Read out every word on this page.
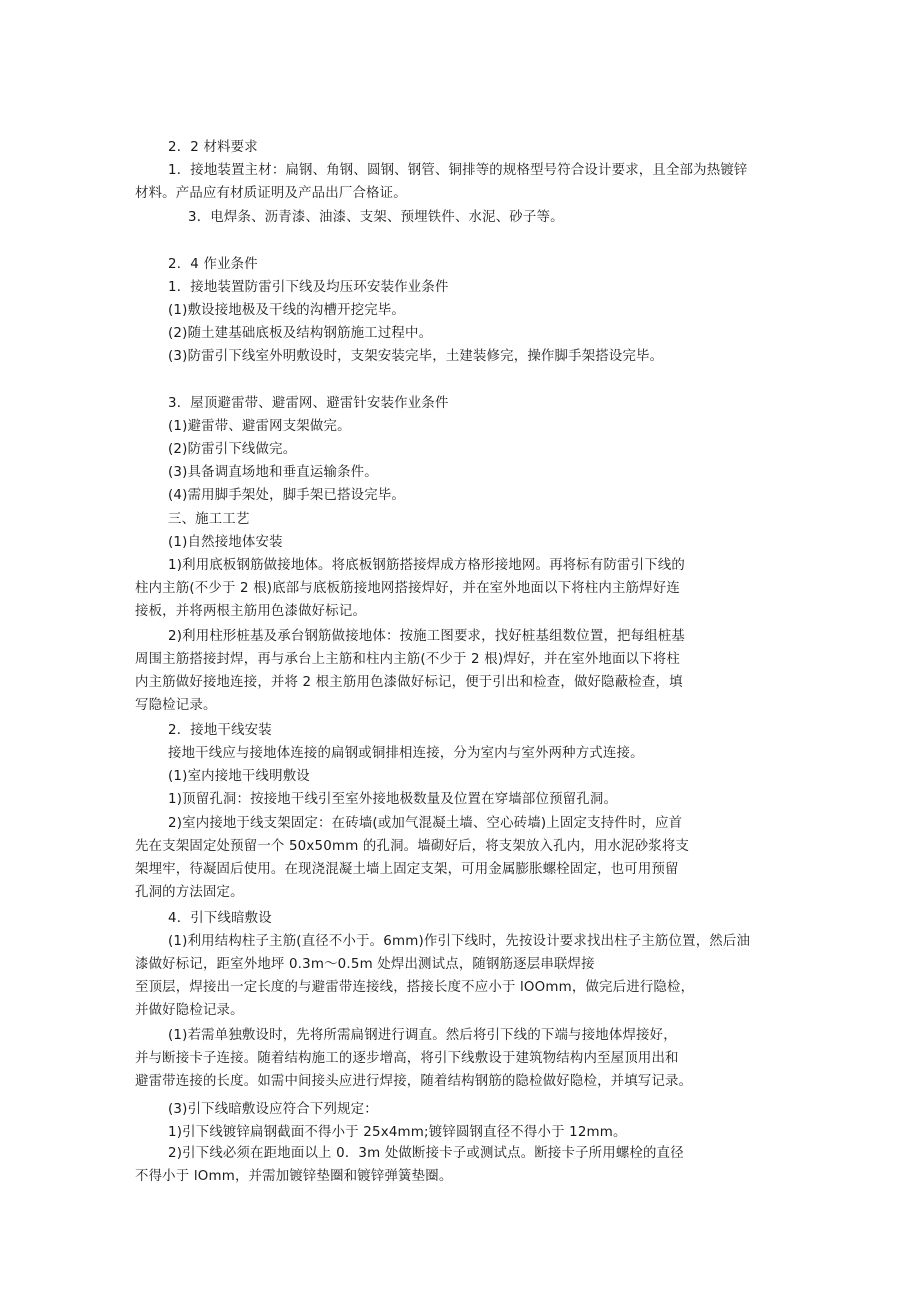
2．2 材料要求
1．接地装置主材：扁钢、角钢、圆钢、钢管、铜排等的规格型号符合设计要求，且全部为热镀锌
材料。产品应有材质证明及产品出厂合格证。
3．电焊条、沥青漆、油漆、支架、预埋铁件、水泥、砂子等。
2．4 作业条件
1．接地装置防雷引下线及均压环安装作业条件
(1)敷设接地极及干线的沟槽开挖完毕。
(2)随土建基础底板及结构钢筋施工过程中。
(3)防雷引下线室外明敷设时，支架安装完毕，土建装修完，操作脚手架搭设完毕。
3．屋顶避雷带、避雷网、避雷针安装作业条件
(1)避雷带、避雷网支架做完。
(2)防雷引下线做完。
(3)具备调直场地和垂直运输条件。
(4)需用脚手架处，脚手架已搭设完毕。
三、施工工艺
(1)自然接地体安装
1)利用底板钢筋做接地体。将底板钢筋搭接焊成方格形接地网。再将标有防雷引下线的
柱内主筋(不少于 2 根)底部与底板筋接地网搭接焊好，并在室外地面以下将柱内主筋焊好连
接板，并将两根主筋用色漆做好标记。
2)利用柱形桩基及承台钢筋做接地体：按施工图要求，找好桩基组数位置，把每组桩基
周围主筋搭接封焊，再与承台上主筋和柱内主筋(不少于 2 根)焊好，并在室外地面以下将柱
内主筋做好接地连接，并将 2 根主筋用色漆做好标记，便于引出和检查，做好隐蔽检查，填
写隐检记录。
2．接地干线安装
接地干线应与接地体连接的扁钢或铜排相连接，分为室内与室外两种方式连接。
(1)室内接地干线明敷设
1)顶留孔洞：按接地干线引至室外接地极数量及位置在穿墙部位预留孔洞。
2)室内接地于线支架固定：在砖墙(或加气混凝土墙、空心砖墙)上固定支持件时，应首
先在支架固定处预留一个 50x50mm 的孔洞。墙砌好后，将支架放入孔内，用水泥砂浆将支
架埋牢，待凝固后使用。在现浇混凝土墙上固定支架，可用金属膨胀螺栓固定，也可用预留
孔洞的方法固定。
4．引下线暗敷设
(1)利用结构柱子主筋(直径不小于。6mm)作引下线时，先按设计要求找出柱子主筋位置，然后油
漆做好标记，距室外地坪 0.3m～0.5m 处焊出测试点，随钢筋逐层串联焊接
至顶层，焊接出一定长度的与避雷带连接线，搭接长度不应小于 lOOmm，做完后进行隐检，
并做好隐检记录。
(1)若需单独敷设时，先将所需扁钢进行调直。然后将引下线的下端与接地体焊接好，
并与断接卡子连接。随着结构施工的逐步增高，将引下线敷设于建筑物结构内至屋顶用出和
避雷带连接的长度。如需中间接头应进行焊接，随着结构钢筋的隐检做好隐检，并填写记录。
(3)引下线暗敷设应符合下列规定：
1)引下线镀锌扁钢截面不得小于 25x4mm;镀锌圆钢直径不得小于 12mm。
2)引下线必须在距地面以上 0．3m 处做断接卡子或测试点。断接卡子所用螺栓的直径
不得小于 lOmm，并需加镀锌垫圈和镀锌弹簧垫圈。
